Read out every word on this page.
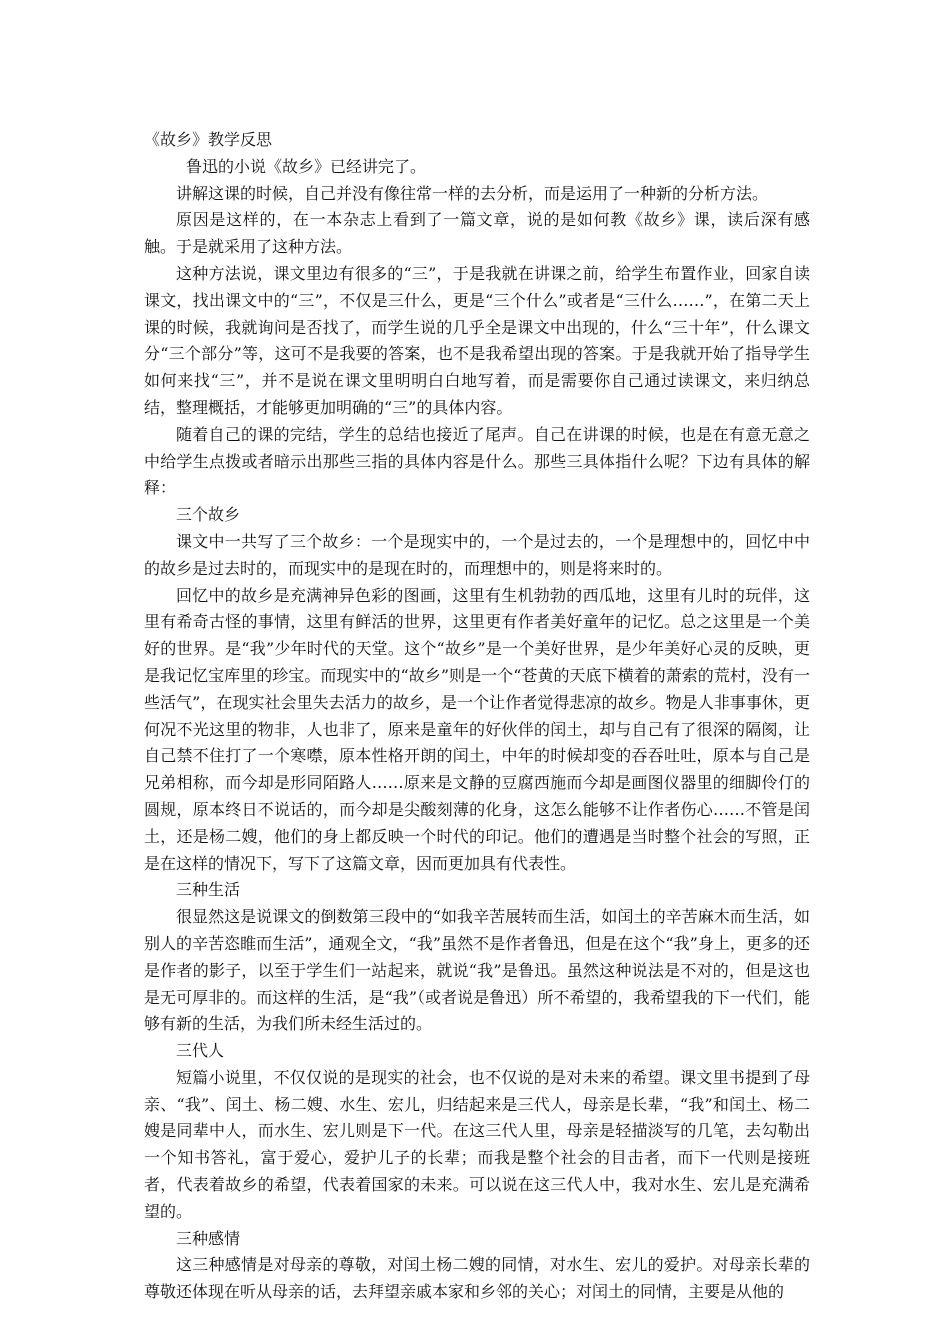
《故乡》教学反思

鲁迅的小说《故乡》已经讲完了。

讲解这课的时候，自己并没有像往常一样的去分析，而是运用了一种新的分析方法。

原因是这样的，在一本杂志上看到了一篇文章，说的是如何教《故乡》课，读后深有感触。于是就采用了这种方法。

这种方法说，课文里边有很多的“三”，于是我就在讲课之前，给学生布置作业，回家自读课文，找出课文中的“三”，不仅是三什么，更是“三个什么”或者是“三什么……”，在第二天上课的时候，我就询问是否找了，而学生说的几乎全是课文中出现的，什么“三十年”，什么课文分“三个部分”等，这可不是我要的答案，也不是我希望出现的答案。于是我就开始了指导学生如何来找“三”，并不是说在课文里明明白白地写着，而是需要你自己通过读课文，来归纳总结，整理概括，才能够更加明确的“三”的具体内容。

随着自己的课的完结，学生的总结也接近了尾声。自己在讲课的时候，也是在有意无意之中给学生点拨或者暗示出那些三指的具体内容是什么。那些三具体指什么呢？下边有具体的解释：

三个故乡

课文中一共写了三个故乡：一个是现实中的，一个是过去的，一个是理想中的，回忆中中的故乡是过去时的，而现实中的是现在时的，而理想中的，则是将来时的。

回忆中的故乡是充满神异色彩的图画，这里有生机勃勃的西瓜地，这里有儿时的玩伴，这里有希奇古怪的事情，这里有鲜活的世界，这里更有作者美好童年的记忆。总之这里是一个美好的世界。是“我”少年时代的天堂。这个“故乡”是一个美好世界，是少年美好心灵的反映，更是我记忆宝库里的珍宝。而现实中的“故乡”则是一个“苍黄的天底下横着的萧索的荒村，没有一些活气”，在现实社会里失去活力的故乡，是一个让作者觉得悲凉的故乡。物是人非事事休，更何况不光这里的物非，人也非了，原来是童年的好伙伴的闰土，却与自己有了很深的隔阂，让自己禁不住打了一个寒噤，原本性格开朗的闰土，中年的时候却变的吞吞吐吐，原本与自己是兄弟相称，而今却是形同陌路人……原来是文静的豆腐西施而今却是画图仪器里的细脚伶仃的圆规，原本终日不说话的，而今却是尖酸刻薄的化身，这怎么能够不让作者伤心……不管是闰土，还是杨二嫂，他们的身上都反映一个时代的印记。他们的遭遇是当时整个社会的写照，正是在这样的情况下，写下了这篇文章，因而更加具有代表性。

三种生活

很显然这是说课文的倒数第三段中的“如我辛苦展转而生活，如闰土的辛苦麻木而生活，如别人的辛苦恣睢而生活”，通观全文，“我”虽然不是作者鲁迅，但是在这个“我”身上，更多的还是作者的影子，以至于学生们一站起来，就说“我”是鲁迅。虽然这种说法是不对的，但是这也是无可厚非的。而这样的生活，是“我”（或者说是鲁迅）所不希望的，我希望我的下一代们，能够有新的生活，为我们所未经生活过的。

三代人

短篇小说里，不仅仅说的是现实的社会，也不仅说的是对未来的希望。课文里书提到了母亲、“我”、闰土、杨二嫂、水生、宏儿，归结起来是三代人，母亲是长辈，“我”和闰土、杨二嫂是同辈中人，而水生、宏儿则是下一代。在这三代人里，母亲是轻描淡写的几笔，去勾勒出一个知书答礼，富于爱心，爱护儿子的长辈；而我是整个社会的目击者，而下一代则是接班者，代表着故乡的希望，代表着国家的未来。可以说在这三代人中，我对水生、宏儿是充满希望的。

三种感情

这三种感情是对母亲的尊敬，对闰土杨二嫂的同情，对水生、宏儿的爱护。对母亲长辈的尊敬还体现在听从母亲的话，去拜望亲戚本家和乡邻的关心；对闰土的同情，主要是从他的
